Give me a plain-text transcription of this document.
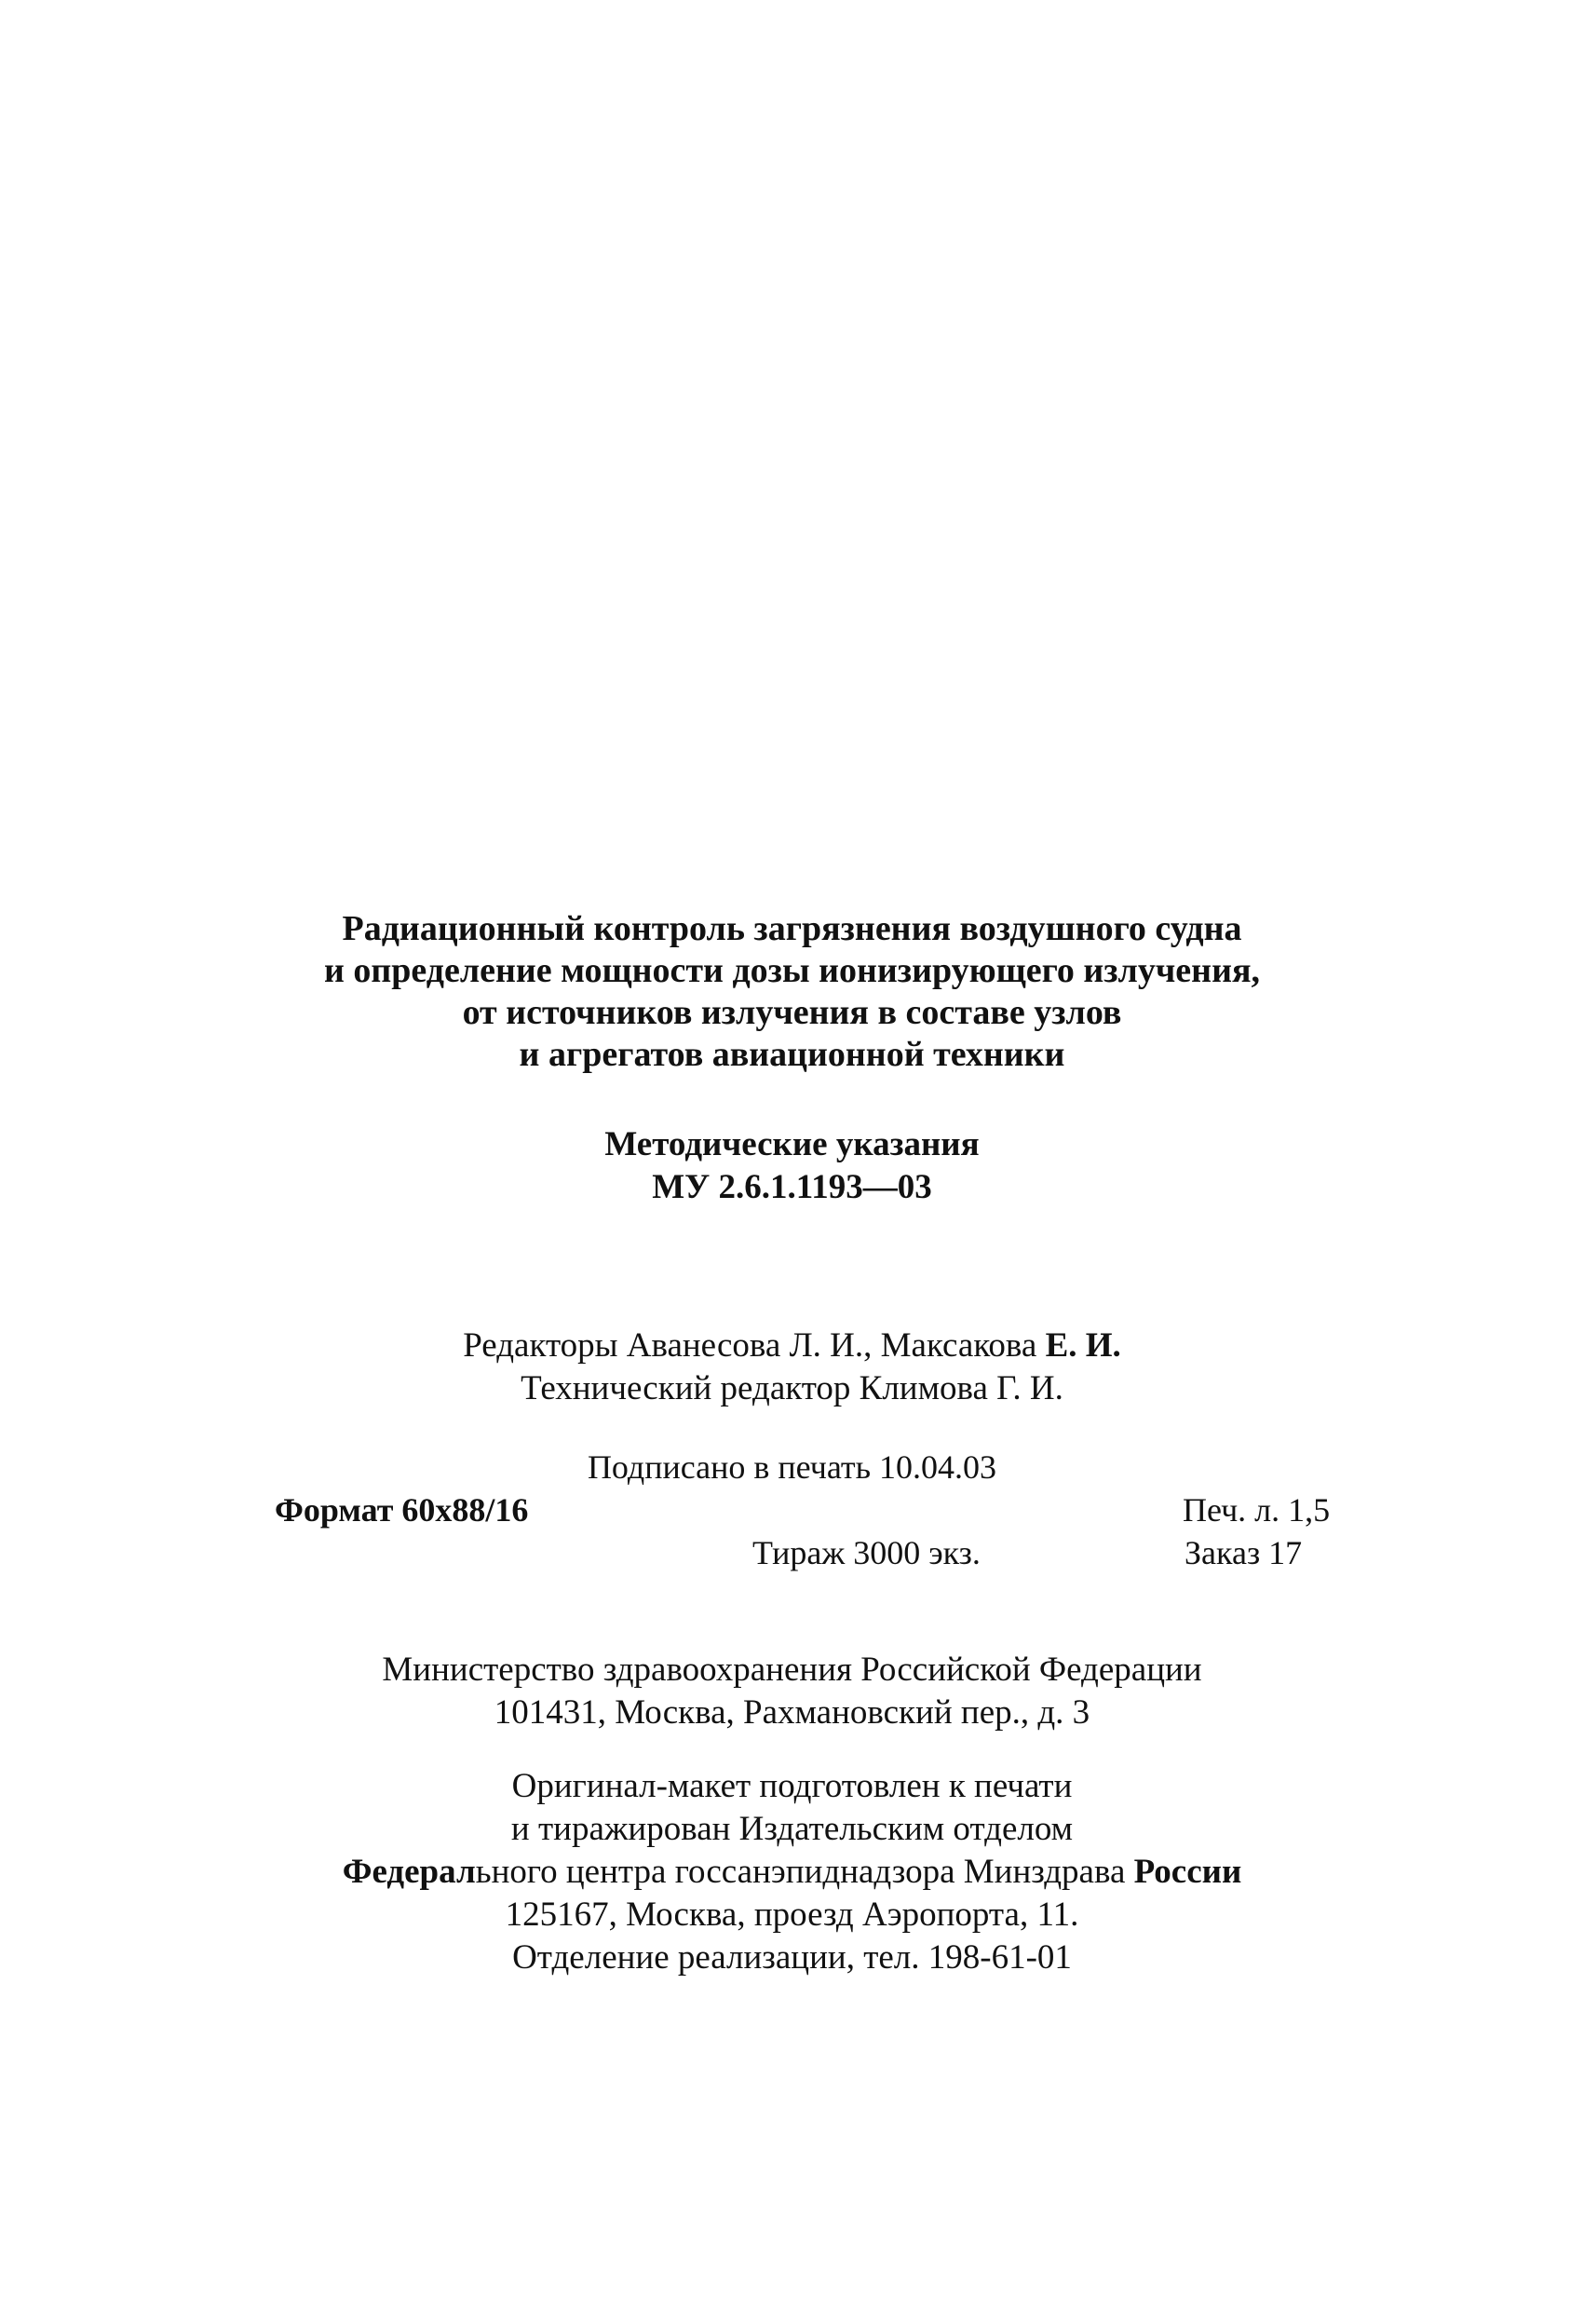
Радиационный контроль загрязнения воздушного судна
и определение мощности дозы ионизирующего излучения,
от источников излучения в составе узлов
и агрегатов авиационной техники
Методические указания
МУ 2.6.1.1193—03
Редакторы Аванесова Л. И., Максакова Е. И.
Технический редактор Климова Г. И.
Подписано в печать 10.04.03
Формат 60x88/16	Печ. л. 1,5
Тираж 3000 экз.	Заказ 17
Министерство здравоохранения Российской Федерации
101431, Москва, Рахмановский пер., д. 3
Оригинал-макет подготовлен к печати
и тиражирован Издательским отделом
Федерального центра госсанэпиднадзора Минздрава России
125167, Москва, проезд Аэропорта, 11.
Отделение реализации, тел. 198-61-01
